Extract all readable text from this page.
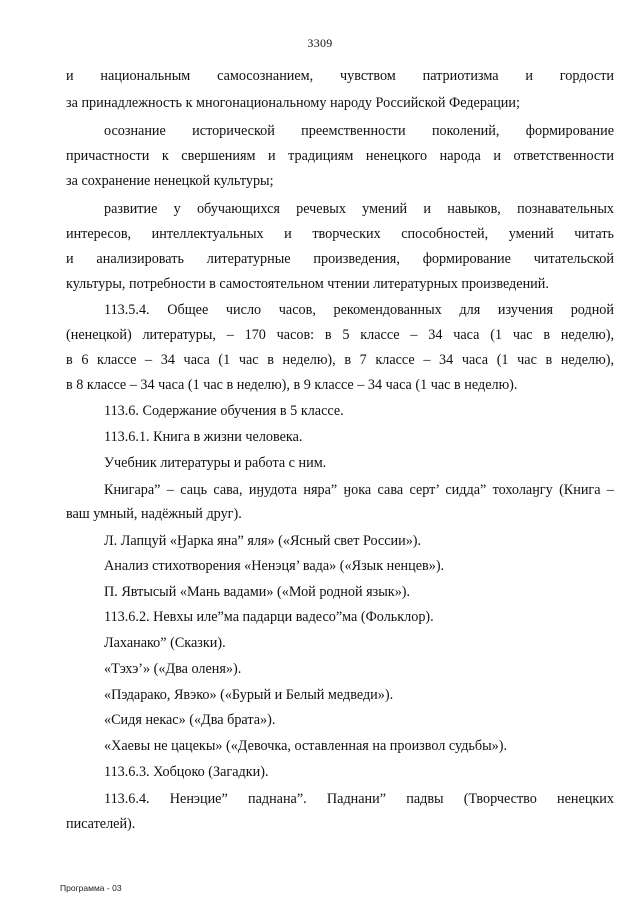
3309
и национальным самосознанием, чувством патриотизма и гордости
за принадлежность к многонациональному народу Российской Федерации;
осознание исторической преемственности поколений, формирование
причастности к свершениям и традициям ненецкого народа и ответственности
за сохранение ненецкой культуры;
развитие у обучающихся речевых умений и навыков, познавательных
интересов, интеллектуальных и творческих способностей, умений читать
и анализировать литературные произведения, формирование читательской
культуры, потребности в самостоятельном чтении литературных произведений.
113.5.4. Общее число часов, рекомендованных для изучения родной
(ненецкой) литературы, – 170 часов: в 5 классе – 34 часа (1 час в неделю),
в 6 классе – 34 часа (1 час в неделю), в 7 классе – 34 часа (1 час в неделю),
в 8 классе – 34 часа (1 час в неделю), в 9 классе – 34 часа (1 час в неделю).
113.6. Содержание обучения в 5 классе.
113.6.1. Книга в жизни человека.
Учебник литературы и работа с ним.
Книгара” – саць сава, иӈудота няра” ӈока сава серт’ сидда” тохолаӈгу (Книга –
ваш умный, надёжный друг).
Л. Лапцуй «Ӈарка яна” яля» («Ясный свет России»).
Анализ стихотворения «Ненэця’ вада» («Язык ненцев»).
П. Явтысый «Мань вадами» («Мой родной язык»).
113.6.2. Невхы иле”ма падарци вадесо”ма (Фольклор).
Лаханако” (Сказки).
«Тэхэ’» («Два оленя»).
«Пэдарако, Явэко» («Бурый и Белый медведи»).
«Сидя некас» («Два брата»).
«Хаевы не цацекы» («Девочка, оставленная на произвол судьбы»).
113.6.3. Хобцоко (Загадки).
113.6.4. Ненэцие” паднана”. Паднани” падвы (Творчество ненецких
писателей).
Программа - 03
